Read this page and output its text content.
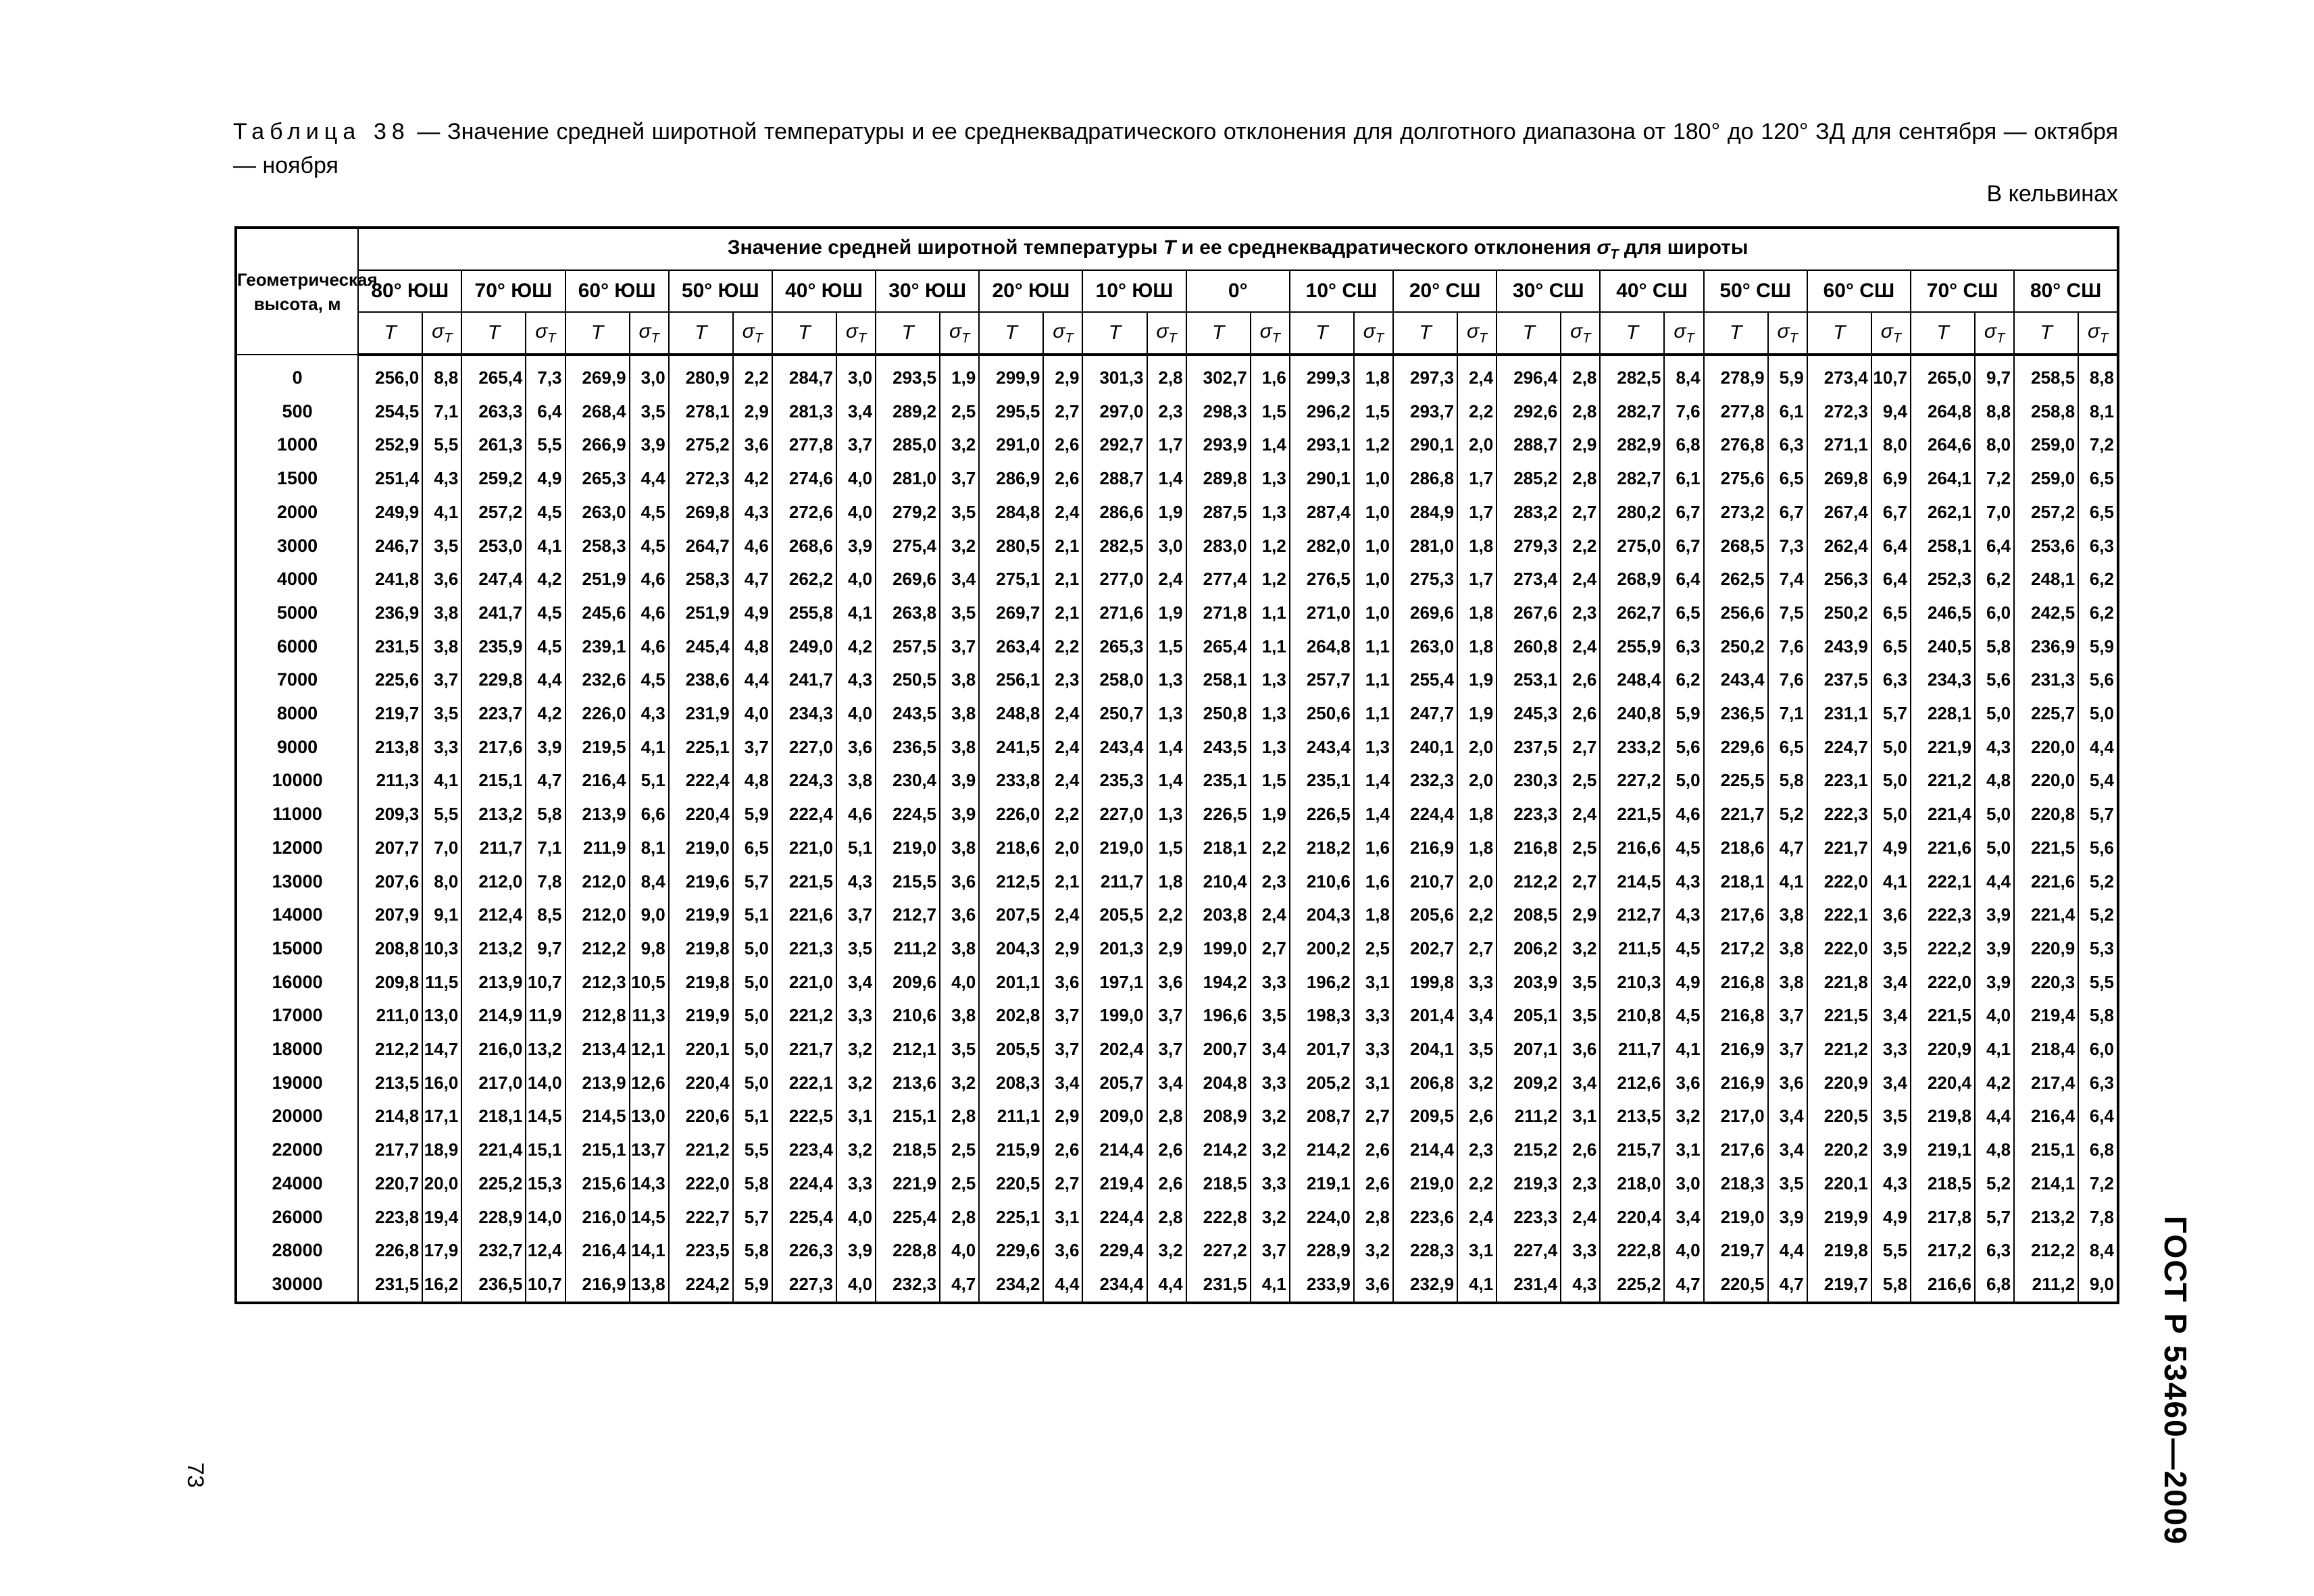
Таблица 38 — Значение средней широтной температуры и ее среднеквадратического отклонения для долготного диапазона от 180° до 120° ЗД для сентября — октября — ноября
В кельвинах
Геометрическая высота, м	Значение средней широтной температуры T и ее среднеквадратического отклонения $\sigma_T$ для широты																																	
	80° ЮШ		70° ЮШ		60° ЮШ		50° ЮШ		40° ЮШ		30° ЮШ		20° ЮШ		10° ЮШ		0°		10° СШ		20° СШ		30° СШ		40° СШ		50° СШ		60° СШ		70° СШ		80° СШ	
	T	$\sigma_T$	T	$\sigma_T$	T	$\sigma_T$	T	$\sigma_T$	T	$\sigma_T$	T	$\sigma_T$	T	$\sigma_T$	T	$\sigma_T$	T	$\sigma_T$	T	$\sigma_T$	T	$\sigma_T$	T	$\sigma_T$	T	$\sigma_T$	T	$\sigma_T$	T	$\sigma_T$	T	$\sigma_T$	T	$\sigma_T$
0	256,0	8,8	265,4	7,3	269,9	3,0	280,9	2,2	284,7	3,0	293,5	1,9	299,9	2,9	301,3	2,8	302,7	1,6	299,3	1,8	297,3	2,4	296,4	2,8	282,5	8,4	278,9	5,9	273,4	10,7	265,0	9,7	258,5	8,8
500	254,5	7,1	263,3	6,4	268,4	3,5	278,1	2,9	281,3	3,4	289,2	2,5	295,5	2,7	297,0	2,3	298,3	1,5	296,2	1,5	293,7	2,2	292,6	2,8	282,7	7,6	277,8	6,1	272,3	9,4	264,8	8,8	258,8	8,1
1000	252,9	5,5	261,3	5,5	266,9	3,9	275,2	3,6	277,8	3,7	285,0	3,2	291,0	2,6	292,7	1,7	293,9	1,4	293,1	1,2	290,1	2,0	288,7	2,9	282,9	6,8	276,8	6,3	271,1	8,0	264,6	8,0	259,0	7,2
1500	251,4	4,3	259,2	4,9	265,3	4,4	272,3	4,2	274,6	4,0	281,0	3,7	286,9	2,6	288,7	1,4	289,8	1,3	290,1	1,0	286,8	1,7	285,2	2,8	282,7	6,1	275,6	6,5	269,8	6,9	264,1	7,2	259,0	6,5
2000	249,9	4,1	257,2	4,5	263,0	4,5	269,8	4,3	272,6	4,0	279,2	3,5	284,8	2,4	286,6	1,9	287,5	1,3	287,4	1,0	284,9	1,7	283,2	2,7	280,2	6,7	273,2	6,7	267,4	6,7	262,1	7,0	257,2	6,5
3000	246,7	3,5	253,0	4,1	258,3	4,5	264,7	4,6	268,6	3,9	275,4	3,2	280,5	2,1	282,5	3,0	283,0	1,2	282,0	1,0	281,0	1,8	279,3	2,2	275,0	6,7	268,5	7,3	262,4	6,4	258,1	6,4	253,6	6,3
4000	241,8	3,6	247,4	4,2	251,9	4,6	258,3	4,7	262,2	4,0	269,6	3,4	275,1	2,1	277,0	2,4	277,4	1,2	276,5	1,0	275,3	1,7	273,4	2,4	268,9	6,4	262,5	7,4	256,3	6,4	252,3	6,2	248,1	6,2
5000	236,9	3,8	241,7	4,5	245,6	4,6	251,9	4,9	255,8	4,1	263,8	3,5	269,7	2,1	271,6	1,9	271,8	1,1	271,0	1,0	269,6	1,8	267,6	2,3	262,7	6,5	256,6	7,5	250,2	6,5	246,5	6,0	242,5	6,2
6000	231,5	3,8	235,9	4,5	239,1	4,6	245,4	4,8	249,0	4,2	257,5	3,7	263,4	2,2	265,3	1,5	265,4	1,1	264,8	1,1	263,0	1,8	260,8	2,4	255,9	6,3	250,2	7,6	243,9	6,5	240,5	5,8	236,9	5,9
7000	225,6	3,7	229,8	4,4	232,6	4,5	238,6	4,4	241,7	4,3	250,5	3,8	256,1	2,3	258,0	1,3	258,1	1,3	257,7	1,1	255,4	1,9	253,1	2,6	248,4	6,2	243,4	7,6	237,5	6,3	234,3	5,6	231,3	5,6
8000	219,7	3,5	223,7	4,2	226,0	4,3	231,9	4,0	234,3	4,0	243,5	3,8	248,8	2,4	250,7	1,3	250,8	1,3	250,6	1,1	247,7	1,9	245,3	2,6	240,8	5,9	236,5	7,1	231,1	5,7	228,1	5,0	225,7	5,0
9000	213,8	3,3	217,6	3,9	219,5	4,1	225,1	3,7	227,0	3,6	236,5	3,8	241,5	2,4	243,4	1,4	243,5	1,3	243,4	1,3	240,1	2,0	237,5	2,7	233,2	5,6	229,6	6,5	224,7	5,0	221,9	4,3	220,0	4,4
10000	211,3	4,1	215,1	4,7	216,4	5,1	222,4	4,8	224,3	3,8	230,4	3,9	233,8	2,4	235,3	1,4	235,1	1,5	235,1	1,4	232,3	2,0	230,3	2,5	227,2	5,0	225,5	5,8	223,1	5,0	221,2	4,8	220,0	5,4
11000	209,3	5,5	213,2	5,8	213,9	6,6	220,4	5,9	222,4	4,6	224,5	3,9	226,0	2,2	227,0	1,3	226,5	1,9	226,5	1,4	224,4	1,8	223,3	2,4	221,5	4,6	221,7	5,2	222,3	5,0	221,4	5,0	220,8	5,7
12000	207,7	7,0	211,7	7,1	211,9	8,1	219,0	6,5	221,0	5,1	219,0	3,8	218,6	2,0	219,0	1,5	218,1	2,2	218,2	1,6	216,9	1,8	216,8	2,5	216,6	4,5	218,6	4,7	221,7	4,9	221,6	5,0	221,5	5,6
13000	207,6	8,0	212,0	7,8	212,0	8,4	219,6	5,7	221,5	4,3	215,5	3,6	212,5	2,1	211,7	1,8	210,4	2,3	210,6	1,6	210,7	2,0	212,2	2,7	214,5	4,3	218,1	4,1	222,0	4,1	222,1	4,4	221,6	5,2
14000	207,9	9,1	212,4	8,5	212,0	9,0	219,9	5,1	221,6	3,7	212,7	3,6	207,5	2,4	205,5	2,2	203,8	2,4	204,3	1,8	205,6	2,2	208,5	2,9	212,7	4,3	217,6	3,8	222,1	3,6	222,3	3,9	221,4	5,2
15000	208,8	10,3	213,2	9,7	212,2	9,8	219,8	5,0	221,3	3,5	211,2	3,8	204,3	2,9	201,3	2,9	199,0	2,7	200,2	2,5	202,7	2,7	206,2	3,2	211,5	4,5	217,2	3,8	222,0	3,5	222,2	3,9	220,9	5,3
16000	209,8	11,5	213,9	10,7	212,3	10,5	219,8	5,0	221,0	3,4	209,6	4,0	201,1	3,6	197,1	3,6	194,2	3,3	196,2	3,1	199,8	3,3	203,9	3,5	210,3	4,9	216,8	3,8	221,8	3,4	222,0	3,9	220,3	5,5
17000	211,0	13,0	214,9	11,9	212,8	11,3	219,9	5,0	221,2	3,3	210,6	3,8	202,8	3,7	199,0	3,7	196,6	3,5	198,3	3,3	201,4	3,4	205,1	3,5	210,8	4,5	216,8	3,7	221,5	3,4	221,5	4,0	219,4	5,8
18000	212,2	14,7	216,0	13,2	213,4	12,1	220,1	5,0	221,7	3,2	212,1	3,5	205,5	3,7	202,4	3,7	200,7	3,4	201,7	3,3	204,1	3,5	207,1	3,6	211,7	4,1	216,9	3,7	221,2	3,3	220,9	4,1	218,4	6,0
19000	213,5	16,0	217,0	14,0	213,9	12,6	220,4	5,0	222,1	3,2	213,6	3,2	208,3	3,4	205,7	3,4	204,8	3,3	205,2	3,1	206,8	3,2	209,2	3,4	212,6	3,6	216,9	3,6	220,9	3,4	220,4	4,2	217,4	6,3
20000	214,8	17,1	218,1	14,5	214,5	13,0	220,6	5,1	222,5	3,1	215,1	2,8	211,1	2,9	209,0	2,8	208,9	3,2	208,7	2,7	209,5	2,6	211,2	3,1	213,5	3,2	217,0	3,4	220,5	3,5	219,8	4,4	216,4	6,4
22000	217,7	18,9	221,4	15,1	215,1	13,7	221,2	5,5	223,4	3,2	218,5	2,5	215,9	2,6	214,4	2,6	214,2	3,2	214,2	2,6	214,4	2,3	215,2	2,6	215,7	3,1	217,6	3,4	220,2	3,9	219,1	4,8	215,1	6,8
24000	220,7	20,0	225,2	15,3	215,6	14,3	222,0	5,8	224,4	3,3	221,9	2,5	220,5	2,7	219,4	2,6	218,5	3,3	219,1	2,6	219,0	2,2	219,3	2,3	218,0	3,0	218,3	3,5	220,1	4,3	218,5	5,2	214,1	7,2
26000	223,8	19,4	228,9	14,0	216,0	14,5	222,7	5,7	225,4	4,0	225,4	2,8	225,1	3,1	224,4	2,8	222,8	3,2	224,0	2,8	223,6	2,4	223,3	2,4	220,4	3,4	219,0	3,9	219,9	4,9	217,8	5,7	213,2	7,8
28000	226,8	17,9	232,7	12,4	216,4	14,1	223,5	5,8	226,3	3,9	228,8	4,0	229,6	3,6	229,4	3,2	227,2	3,7	228,9	3,2	228,3	3,1	227,4	3,3	222,8	4,0	219,7	4,4	219,8	5,5	217,2	6,3	212,2	8,4
30000	231,5	16,2	236,5	10,7	216,9	13,8	224,2	5,9	227,3	4,0	232,3	4,7	234,2	4,4	234,4	4,4	231,5	4,1	233,9	3,6	232,9	4,1	231,4	4,3	225,2	4,7	220,5	4,7	219,7	5,8	216,6	6,8	211,2	9,0 ГОСТ Р 53460—2009
73
